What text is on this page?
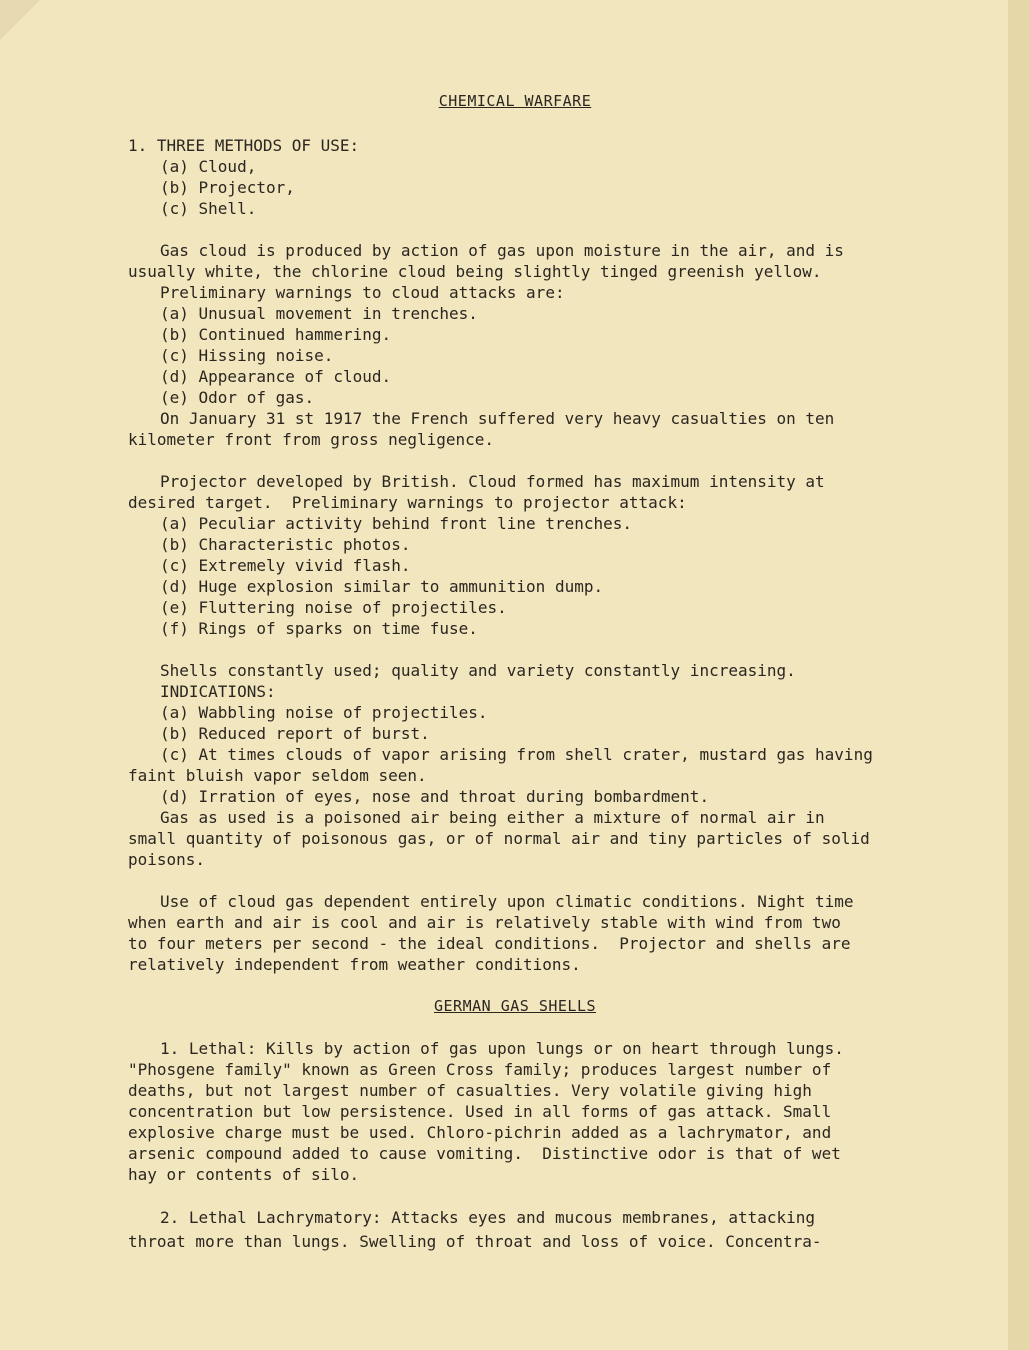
CHEMICAL WARFARE

1. THREE METHODS OF USE:

(a) Cloud,

(b) Projector,

(c) Shell.

Gas cloud is produced by action of gas upon moisture in the air, and is

usually white, the chlorine cloud being slightly tinged greenish yellow.

Preliminary warnings to cloud attacks are:

(a) Unusual movement in trenches.

(b) Continued hammering.

(c) Hissing noise.

(d) Appearance of cloud.

(e) Odor of gas.

On January 31 st 1917 the French suffered very heavy casualties on ten

kilometer front from gross negligence.

Projector developed by British. Cloud formed has maximum intensity at

desired target.  Preliminary warnings to projector attack:

(a) Peculiar activity behind front line trenches.

(b) Characteristic photos.

(c) Extremely vivid flash.

(d) Huge explosion similar to ammunition dump.

(e) Fluttering noise of projectiles.

(f) Rings of sparks on time fuse.

Shells constantly used; quality and variety constantly increasing.

INDICATIONS:

(a) Wabbling noise of projectiles.

(b) Reduced report of burst.

(c) At times clouds of vapor arising from shell crater, mustard gas having

faint bluish vapor seldom seen.

(d) Irration of eyes, nose and throat during bombardment.

Gas as used is a poisoned air being either a mixture of normal air in

small quantity of poisonous gas, or of normal air and tiny particles of solid

poisons.

Use of cloud gas dependent entirely upon climatic conditions. Night time

when earth and air is cool and air is relatively stable with wind from two

to four meters per second - the ideal conditions.  Projector and shells are

relatively independent from weather conditions.

GERMAN GAS SHELLS

1. Lethal: Kills by action of gas upon lungs or on heart through lungs.

"Phosgene family" known as Green Cross family; produces largest number of

deaths, but not largest number of casualties. Very volatile giving high

concentration but low persistence. Used in all forms of gas attack. Small

explosive charge must be used. Chloro-pichrin added as a lachrymator, and

arsenic compound added to cause vomiting.  Distinctive odor is that of wet

hay or contents of silo.

2. Lethal Lachrymatory: Attacks eyes and mucous membranes, attacking

throat more than lungs. Swelling of throat and loss of voice. Concentra-
